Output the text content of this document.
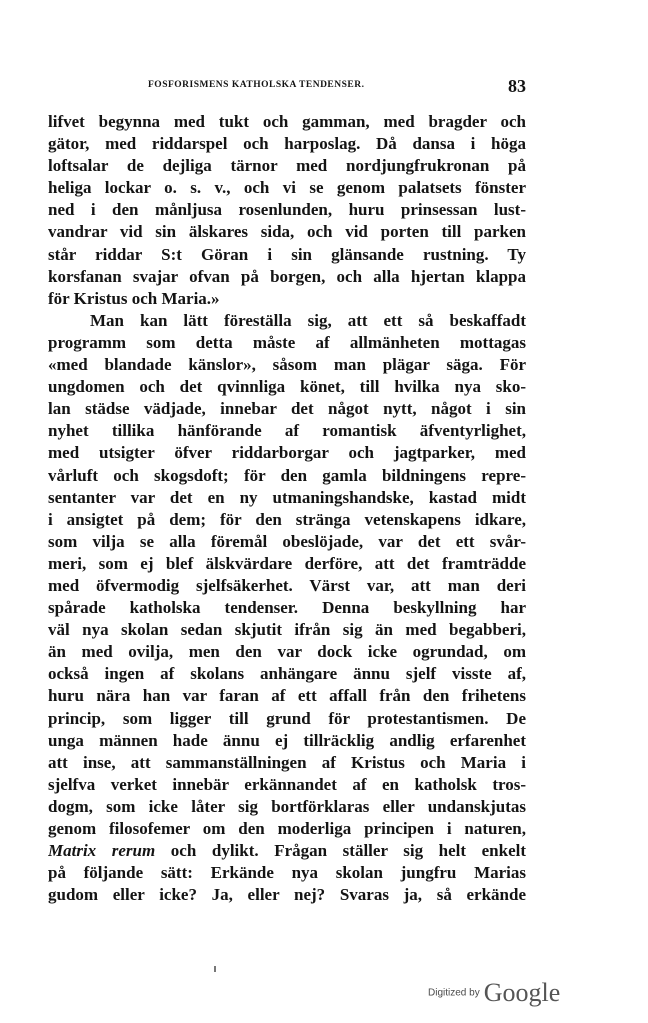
FOSFORISMENS KATHOLSKA TENDENSER.	83
lifvet begynna med tukt och gamman, med bragder och
gätor, med riddarspel och harposlag. Då dansa i höga
loftsalar de dejliga tärnor med nordjungfrukronan på
heliga lockar o. s. v., och vi se genom palatsets fönster
ned i den månljusa rosenlunden, huru prinsessan lust-
vandrar vid sin älskares sida, och vid porten till parken
står riddar S:t Göran i sin glänsande rustning. Ty
korsfanan svajar ofvan på borgen, och alla hjertan klappa
för Kristus och Maria.»
Man kan lätt föreställa sig, att ett så beskaffadt
programm som detta måste af allmänheten mottagas
«med blandade känslor», såsom man plägar säga. För
ungdomen och det qvinnliga könet, till hvilka nya sko-
lan städse vädjade, innebar det något nytt, något i sin
nyhet tillika hänförande af romantisk äfventyrlighet,
med utsigter öfver riddarborgar och jagtparker, med
vårluft och skogsdoft; för den gamla bildningens repre-
sentanter var det en ny utmaningshandske, kastad midt
i ansigtet på dem; för den stränga vetenskapens idkare,
som vilja se alla föremål obeslöjade, var det ett svår-
meri, som ej blef älskvärdare derföre, att det framträdde
med öfvermodig sjelfsäkerhet. Värst var, att man deri
spårade katholska tendenser. Denna beskyllning har
väl nya skolan sedan skjutit ifrån sig än med begabberi,
än med ovilja, men den var dock icke ogrundad, om
också ingen af skolans anhängare ännu sjelf visste af,
huru nära han var faran af ett affall från den frihetens
princip, som ligger till grund för protestantismen. De
unga männen hade ännu ej tillräcklig andlig erfarenhet
att inse, att sammanställningen af Kristus och Maria i
sjelfva verket innebär erkännandet af en katholsk tros-
dogm, som icke låter sig bortförklaras eller undanskjutas
genom filosofemer om den moderliga principen i naturen,
Matrix rerum och dylikt. Frågan ställer sig helt enkelt
på följande sätt: Erkände nya skolan jungfru Marias
gudom eller icke? Ja, eller nej? Svaras ja, så erkände
Digitized by Google
